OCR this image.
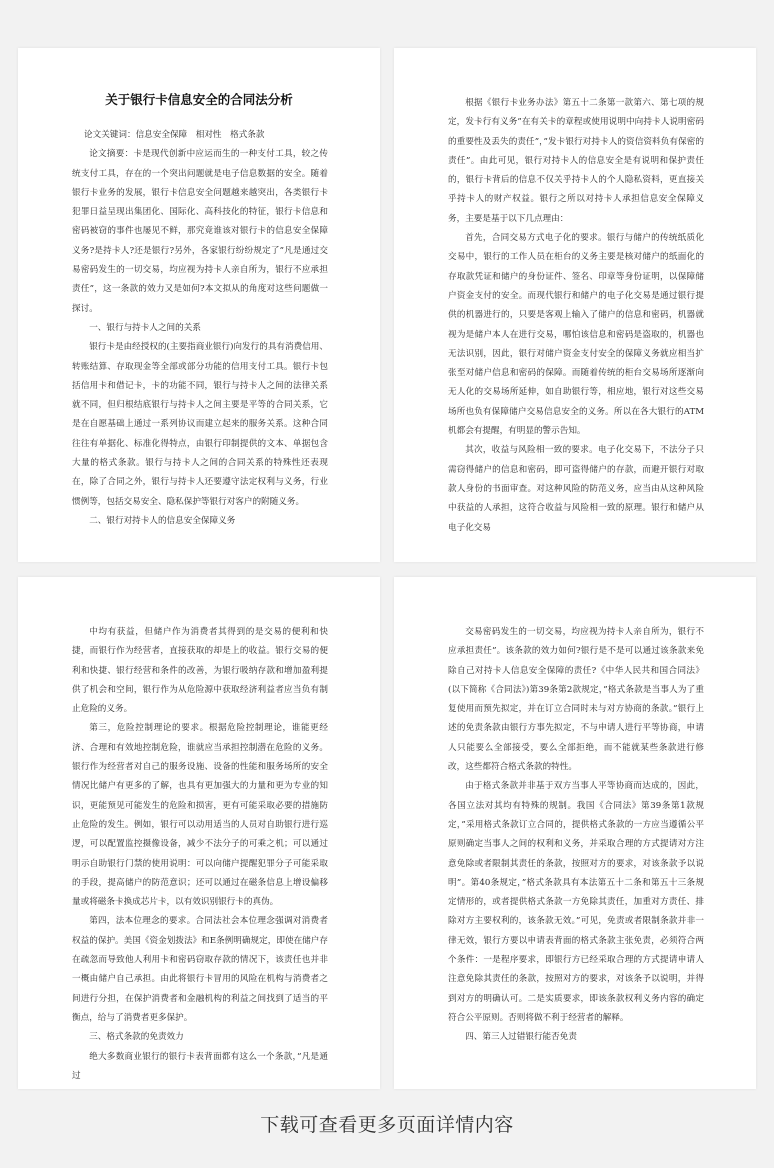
关于银行卡信息安全的合同法分析

论文关键词：信息安全保障　相对性　格式条款

论文摘要：卡是现代创新中应运而生的一种支付工具，较之传统支付工具，存在的一个突出问题就是电子信息数据的安全。随着银行卡业务的发展，银行卡信息安全问题越来越突出，各类银行卡犯罪日益呈现出集团化、国际化、高科技化的特征，银行卡信息和密码被窃的事件也屡见不鲜，那究竟谁该对银行卡的信息安全保障义务?是持卡人?还是银行?另外，各家银行纷纷规定了”凡是通过交易密码发生的一切交易，均应视为持卡人亲自所为，银行不应承担责任”，这一条款的效力又是如何?本文拟从的角度对这些问题做一探讨。

一、银行与持卡人之间的关系

银行卡是由经授权的(主要指商业银行)向发行的具有消费信用、转账结算、存取现金等全部或部分功能的信用支付工具。银行卡包括信用卡和借记卡，卡的功能不同，银行与持卡人之间的法律关系就不同，但归根结底银行与持卡人之间主要是平等的合同关系，它是在自愿基础上通过一系列协议而建立起来的服务关系。这种合同往往有单据化、标准化得特点，由银行印制提供的文本、单据包含大量的格式条款。银行与持卡人之间的合同关系的特殊性还表现在，除了合同之外，银行与持卡人还要遵守法定权利与义务，行业惯例等，包括交易安全、隐私保护等银行对客户的附随义务。

二、银行对持卡人的信息安全保障义务

根据《银行卡业务办法》第五十二条第一款第六、第七项的规定，发卡行有义务”在有关卡的章程或使用说明中向持卡人说明密码的重要性及丢失的责任”，”发卡银行对持卡人的资信资料负有保密的责任”。由此可见，银行对持卡人的信息安全是有说明和保护责任的，银行卡背后的信息不仅关乎持卡人的个人隐私资料，更直接关乎持卡人的财产权益。银行之所以对持卡人承担信息安全保障义务，主要是基于以下几点理由：

首先，合同交易方式电子化的要求。银行与储户的传统纸质化交易中，银行的工作人员在柜台的义务主要是核对储户的纸面化的存取款凭证和储户的身份证件、签名、印章等身份证明，以保障储户资金支付的安全。而现代银行和储户的电子化交易是通过银行提供的机器进行的，只要是客观上输入了储户的信息和密码，机器就视为是储户本人在进行交易，哪怕该信息和密码是盗取的，机器也无法识别，因此，银行对储户资金支付安全的保障义务就应相当扩张至对储户信息和密码的保障。而随着传统的柜台交易场所逐渐向无人化的交易场所延伸，如自助银行等，相应地，银行对这些交易场所也负有保障储户交易信息安全的义务。所以在各大银行的ATM机都会有提醒，有明显的警示告知。

其次，收益与风险相一致的要求。电子化交易下，不法分子只需窃得储户的信息和密码，即可盗得储户的存款，而避开银行对取款人身份的书面审查。对这种风险的防范义务，应当由从这种风险中获益的人承担，这符合收益与风险相一致的原理。银行和储户从电子化交易

中均有获益，但储户作为消费者其得到的是交易的便利和快捷，而银行作为经营者，直接获取的却是上的收益。银行交易的便利和快捷、银行经营和条件的改善，为银行吸纳存款和增加盈利提供了机会和空间，银行作为从危险源中获取经济利益者应当负有制止危险的义务。

第三，危险控制理论的要求。根据危险控制理论，谁能更经济、合理和有效地控制危险，谁就应当承担控制潜在危险的义务。银行作为经营者对自己的服务设施、设备的性能和服务场所的安全情况比储户有更多的了解，也具有更加强大的力量和更为专业的知识，更能预见可能发生的危险和损害，更有可能采取必要的措施防止危险的发生。例如，银行可以动用适当的人员对自助银行进行巡逻，可以配置监控摄像设备，减少不法分子的可乘之机；可以通过明示自助银行门禁的使用说明：可以向储户提醒犯罪分子可能采取的手段，提高储户的防范意识；还可以通过在磁条信息上增设偏移量或将磁条卡换成芯片卡，以有效识别银行卡的真伪。

第四，法本位理念的要求。合同法社会本位理念强调对消费者权益的保护。美国《资金划拨法》和E条例明确规定，即使在储户存在疏忽而导致他人利用卡和密码窃取存款的情况下，该责任也并非一概由储户自己承担。由此将银行卡冒用的风险在机构与消费者之间进行分担，在保护消费者和金融机构的利益之间找到了适当的平衡点，给与了消费者更多保护。

三、格式条款的免责效力

绝大多数商业银行的银行卡表背面都有这么一个条款，”凡是通过

交易密码发生的一切交易，均应视为持卡人亲自所为，银行不应承担责任”。该条款的效力如何?银行是不是可以通过该条款来免除自己对持卡人信息安全保障的责任?《中华人民共和国合同法》(以下简称《合同法》)第39条第2款规定，”格式条款是当事人为了重复使用而预先拟定，并在订立合同时未与对方协商的条款。”银行上述的免责条款由银行方事先拟定，不与申请人进行平等协商，申请人只能要么全部接受，要么全部拒绝，而不能就某些条款进行修改，这些都符合格式条款的特性。

由于格式条款并非基于双方当事人平等协商而达成的，因此，各国立法对其均有特殊的规制。我国《合同法》第39条第1款规定，”采用格式条款订立合同的，提供格式条款的一方应当遵循公平原则确定当事人之间的权利和义务，并采取合理的方式提请对方注意免除或者限制其责任的条款，按照对方的要求，对该条款予以说明”。第40条规定，”格式条款具有本法第五十二条和第五十三条规定情形的，或者提供格式条款一方免除其责任，加重对方责任、排除对方主要权利的，该条款无效。”可见，免责或者限制条款并非一律无效，银行方要以申请表背面的格式条款主张免责，必须符合两个条件：一是程序要求，即银行方已经采取合理的方式提请申请人注意免除其责任的条款，按照对方的要求，对该条予以说明，并得到对方的明确认可。二是实质要求，即该条款权利义务内容的确定符合公平原则。否则将做不利于经营者的解释。

四、第三人过错银行能否免责

下载可查看更多页面详情内容
